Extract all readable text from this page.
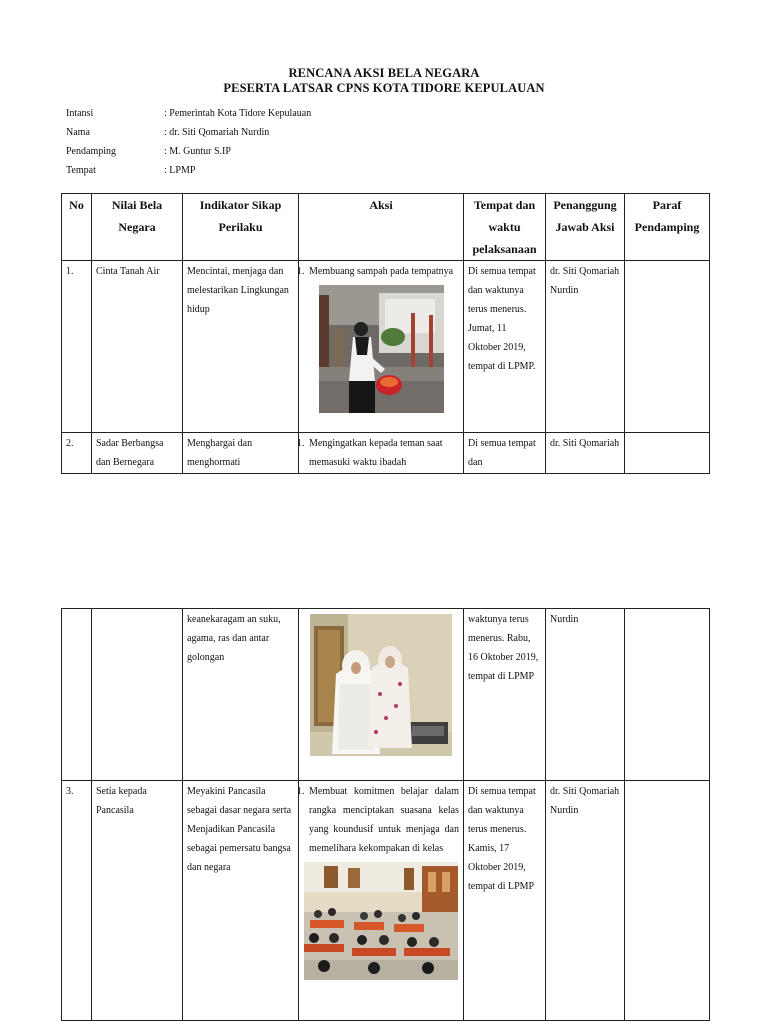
RENCANA AKSI BELA NEGARA
PESERTA LATSAR CPNS KOTA TIDORE KEPULAUAN
Intansi	: Pemerintah Kota Tidore Kepulauan
Nama	: dr. Siti Qomariah Nurdin
Pendamping	: M. Guntur S.IP
Tempat	: LPMP
No	Nilai Bela Negara	Indikator Sikap Perilaku	Aksi	Tempat dan waktu pelaksanaan	Penanggung Jawab Aksi	Paraf Pendamping
1.	Cinta Tanah Air	Mencintai, menjaga dan melestarikan Lingkungan hidup	1. Membuang sampah pada tempatnya	Di semua tempat dan waktunya terus menerus. Jumat, 11 Oktober 2019, tempat di LPMP.	dr. Siti Qomariah Nurdin	
2.	Sadar Berbangsa dan Bernegara	Menghargai dan menghormati	1. Mengingatkan kepada teman saat memasuki waktu ibadah	Di semua tempat dan	dr. Siti Qomariah	
		keanekaragam an suku, agama, ras dan antar golongan		waktunya terus menerus. Rabu, 16 Oktober 2019, tempat di LPMP	Nurdin	
3.	Setia kepada Pancasila	Meyakini Pancasila sebagai dasar negara serta Menjadikan Pancasila sebagai pemersatu bangsa dan negara	1. Membuat komitmen belajar dalam rangka menciptakan suasana kelas yang koundusif untuk menjaga dan memelihara kekompakan di kelas	Di semua tempat dan waktunya terus menerus. Kamis, 17 Oktober 2019, tempat di LPMP	dr. Siti Qomariah Nurdin	
